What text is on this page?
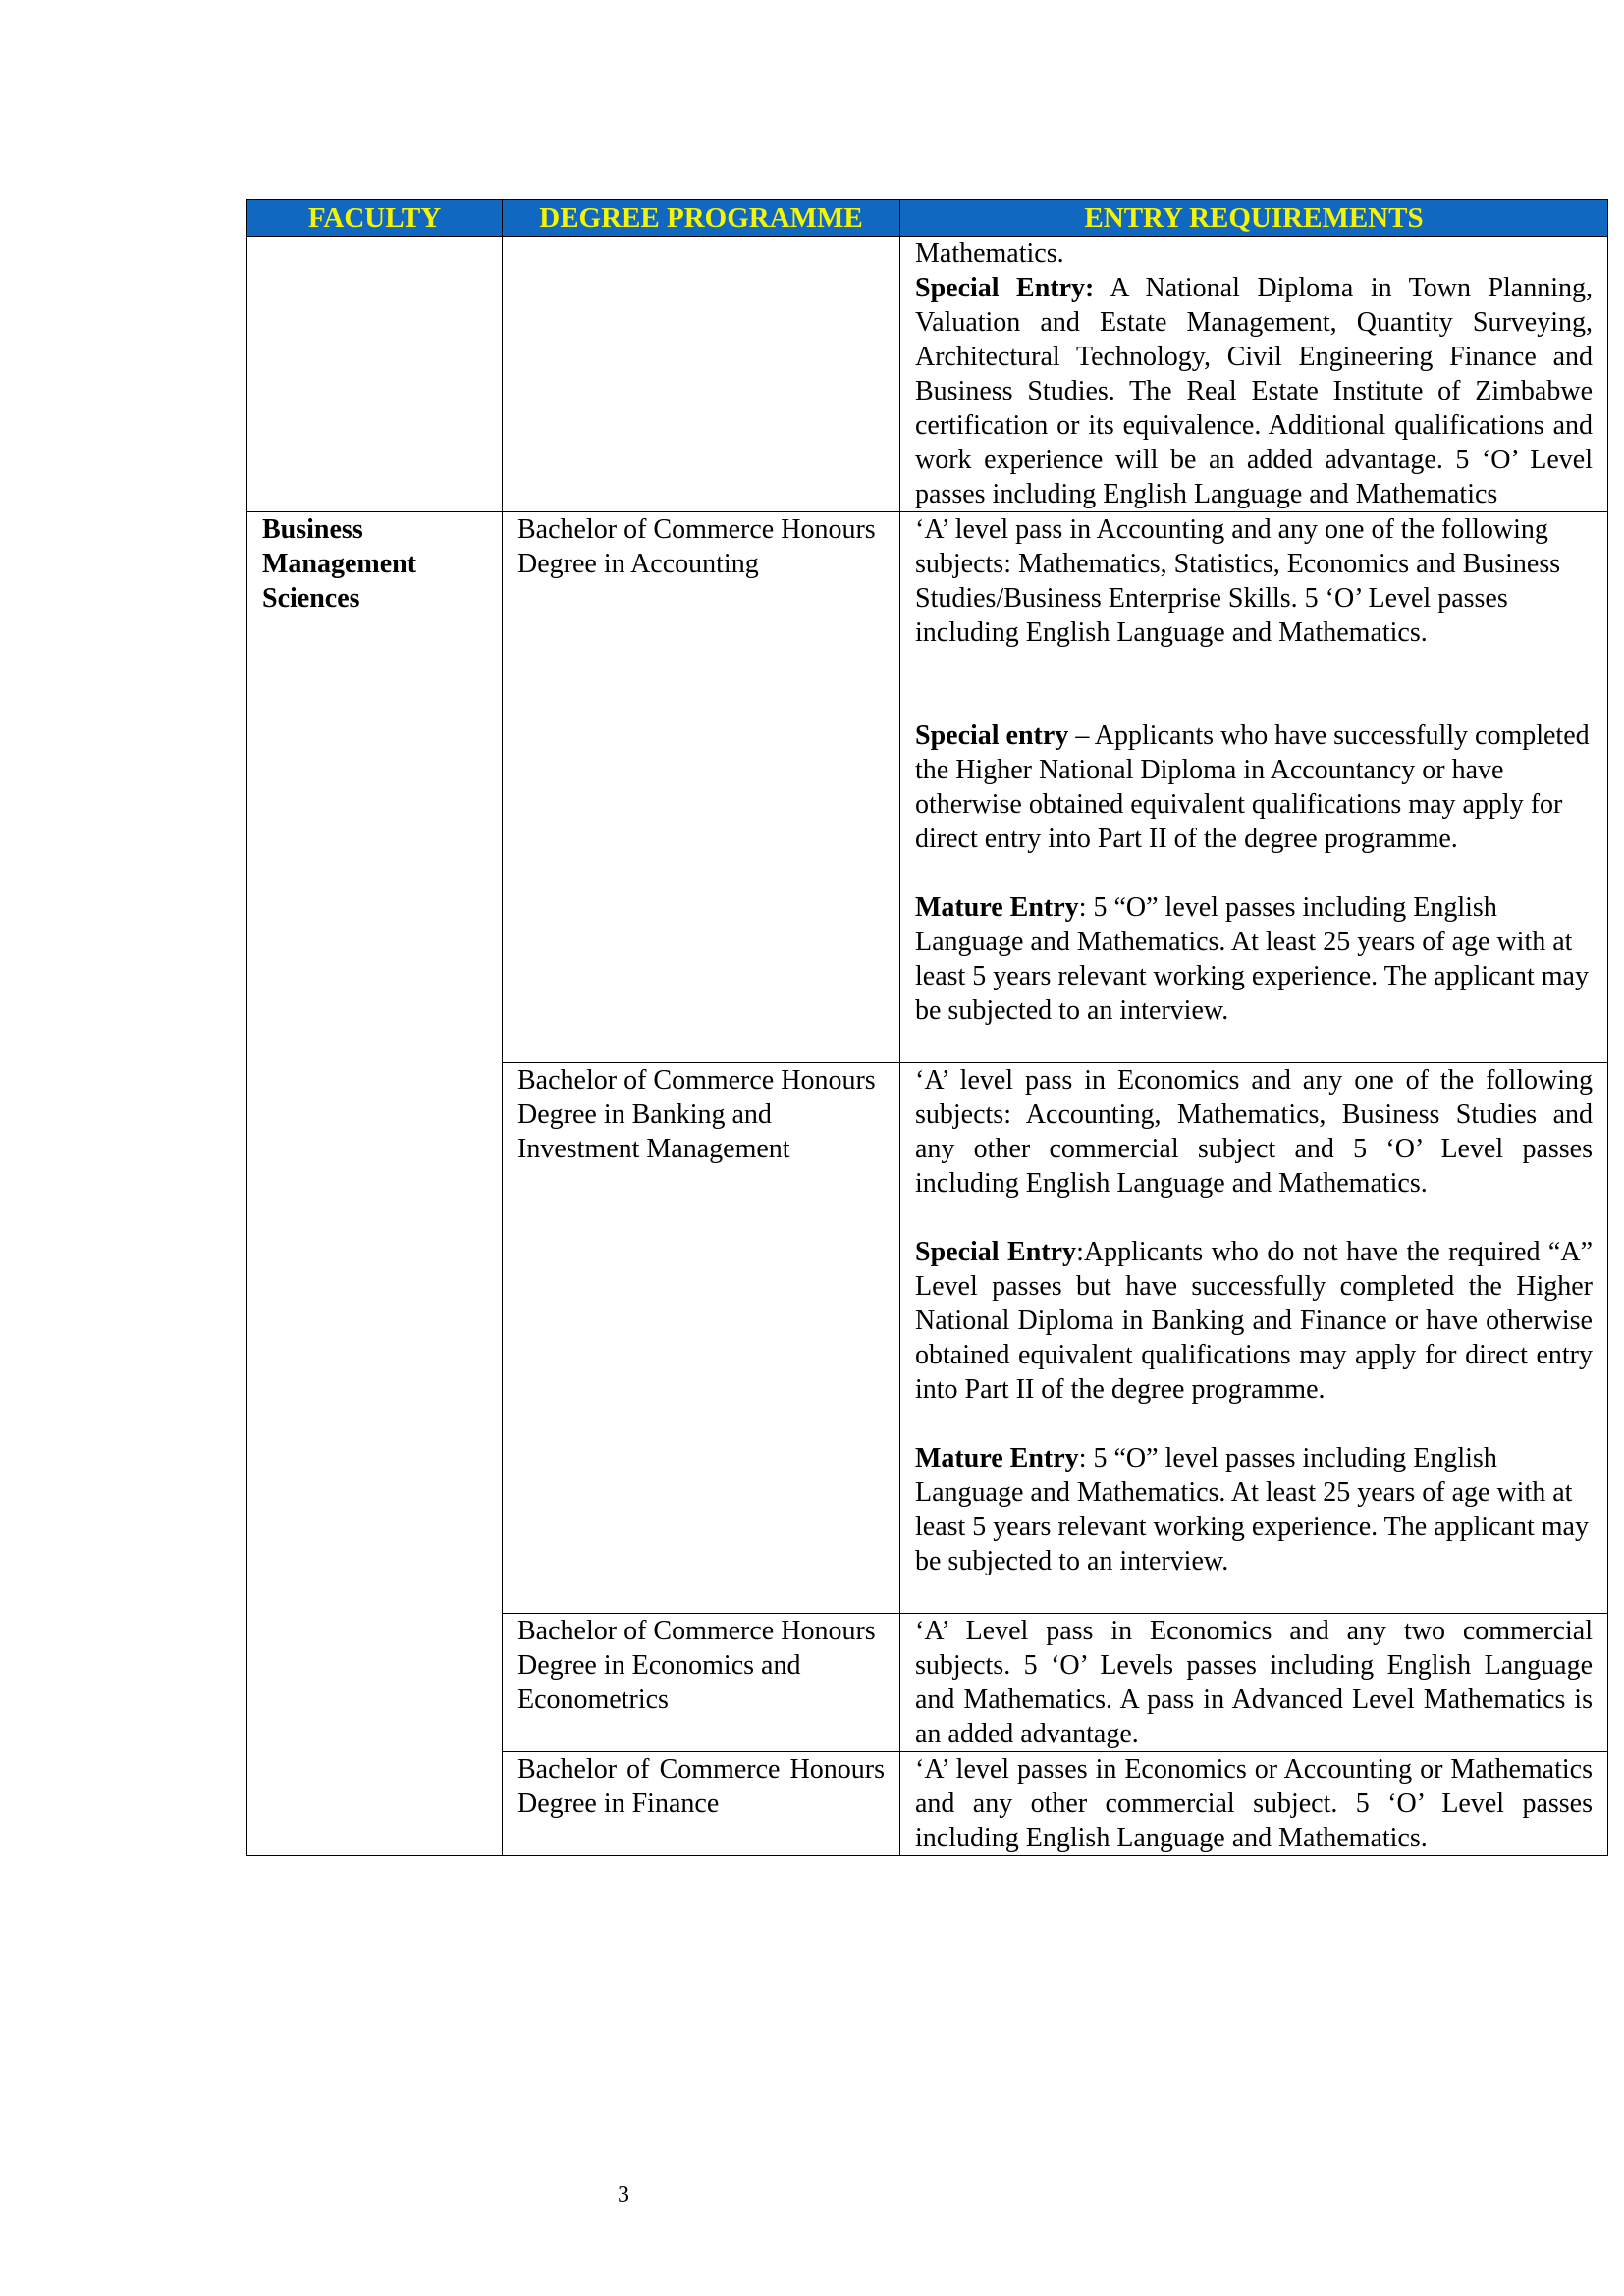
FACULTY	DEGREE PROGRAMME	ENTRY REQUIREMENTS

		Mathematics.
Special Entry: A National Diploma in Town Planning, Valuation and Estate Management, Quantity Surveying, Architectural Technology, Civil Engineering Finance and Business Studies. The Real Estate Institute of Zimbabwe certification or its equivalence. Additional qualifications and work experience will be an added advantage. 5 ‘O’ Level passes including English Language and Mathematics

Business Management Sciences	Bachelor of Commerce Honours Degree in Accounting	‘A’ level pass in Accounting and any one of the following subjects: Mathematics, Statistics, Economics and Business Studies/Business Enterprise Skills. 5 ‘O’ Level passes including English Language and Mathematics.
Special entry – Applicants who have successfully completed the Higher National Diploma in Accountancy or have otherwise obtained equivalent qualifications may apply for direct entry into Part II of the degree programme.
Mature Entry: 5 “O” level passes including English Language and Mathematics. At least 25 years of age with at least 5 years relevant working experience. The applicant may be subjected to an interview.

	Bachelor of Commerce Honours Degree in Banking and Investment Management	‘A’ level pass in Economics and any one of the following subjects: Accounting, Mathematics, Business Studies and any other commercial subject and 5 ‘O’ Level passes including English Language and Mathematics.
Special Entry:Applicants who do not have the required “A” Level passes but have successfully completed the Higher National Diploma in Banking and Finance or have otherwise obtained equivalent qualifications may apply for direct entry into Part II of the degree programme.
Mature Entry: 5 “O” level passes including English Language and Mathematics. At least 25 years of age with at least 5 years relevant working experience. The applicant may be subjected to an interview.

	Bachelor of Commerce Honours Degree in Economics and Econometrics	‘A’ Level pass in Economics and any two commercial subjects. 5 ‘O’ Levels passes including English Language and Mathematics. A pass in Advanced Level Mathematics is an added advantage.

	Bachelor of Commerce Honours Degree in Finance	‘A’ level passes in Economics or Accounting or Mathematics and any other commercial subject. 5 ‘O’ Level passes including English Language and Mathematics.
3
